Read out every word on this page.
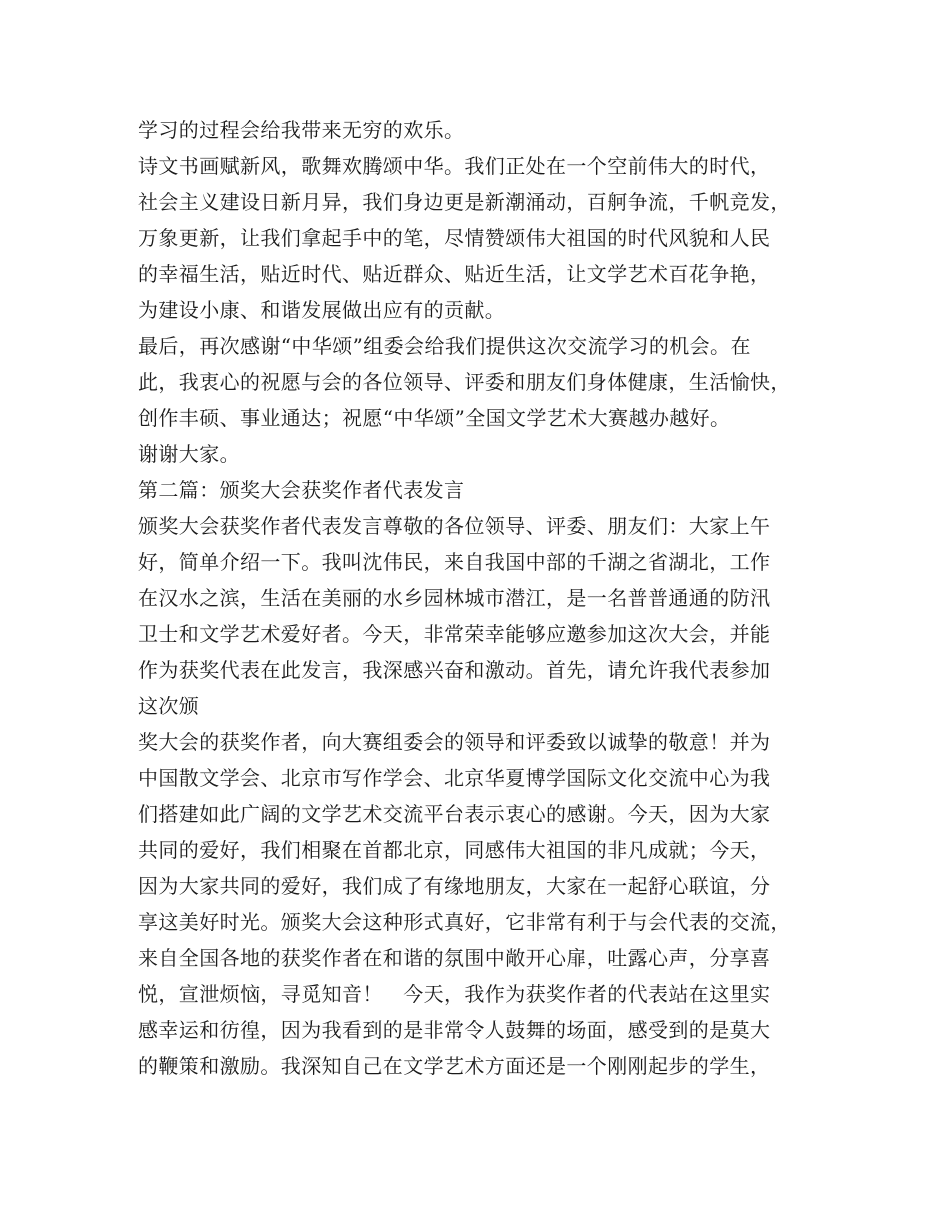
学习的过程会给我带来无穷的欢乐。
诗文书画赋新风，歌舞欢腾颂中华。我们正处在一个空前伟大的时代，
社会主义建设日新月异，我们身边更是新潮涌动，百舸争流，千帆竞发，
万象更新，让我们拿起手中的笔，尽情赞颂伟大祖国的时代风貌和人民
的幸福生活，贴近时代、贴近群众、贴近生活，让文学艺术百花争艳，
为建设小康、和谐发展做出应有的贡献。
最后，再次感谢“中华颂”组委会给我们提供这次交流学习的机会。在
此，我衷心的祝愿与会的各位领导、评委和朋友们身体健康，生活愉快，
创作丰硕、事业通达；祝愿“中华颂”全国文学艺术大赛越办越好。
谢谢大家。
第二篇：颁奖大会获奖作者代表发言
颁奖大会获奖作者代表发言尊敬的各位领导、评委、朋友们：大家上午
好，简单介绍一下。我叫沈伟民，来自我国中部的千湖之省湖北，工作
在汉水之滨，生活在美丽的水乡园林城市潜江，是一名普普通通的防汛
卫士和文学艺术爱好者。今天，非常荣幸能够应邀参加这次大会，并能
作为获奖代表在此发言，我深感兴奋和激动。首先，请允许我代表参加
这次颁
奖大会的获奖作者，向大赛组委会的领导和评委致以诚挚的敬意！并为
中国散文学会、北京市写作学会、北京华夏博学国际文化交流中心为我
们搭建如此广阔的文学艺术交流平台表示衷心的感谢。今天，因为大家
共同的爱好，我们相聚在首都北京，同感伟大祖国的非凡成就；今天，
因为大家共同的爱好，我们成了有缘地朋友，大家在一起舒心联谊，分
享这美好时光。颁奖大会这种形式真好，它非常有利于与会代表的交流，
来自全国各地的获奖作者在和谐的氛围中敞开心扉，吐露心声，分享喜
悦，宣泄烦恼，寻觅知音！　今天，我作为获奖作者的代表站在这里实
感幸运和彷徨，因为我看到的是非常令人鼓舞的场面，感受到的是莫大
的鞭策和激励。我深知自己在文学艺术方面还是一个刚刚起步的学生，
